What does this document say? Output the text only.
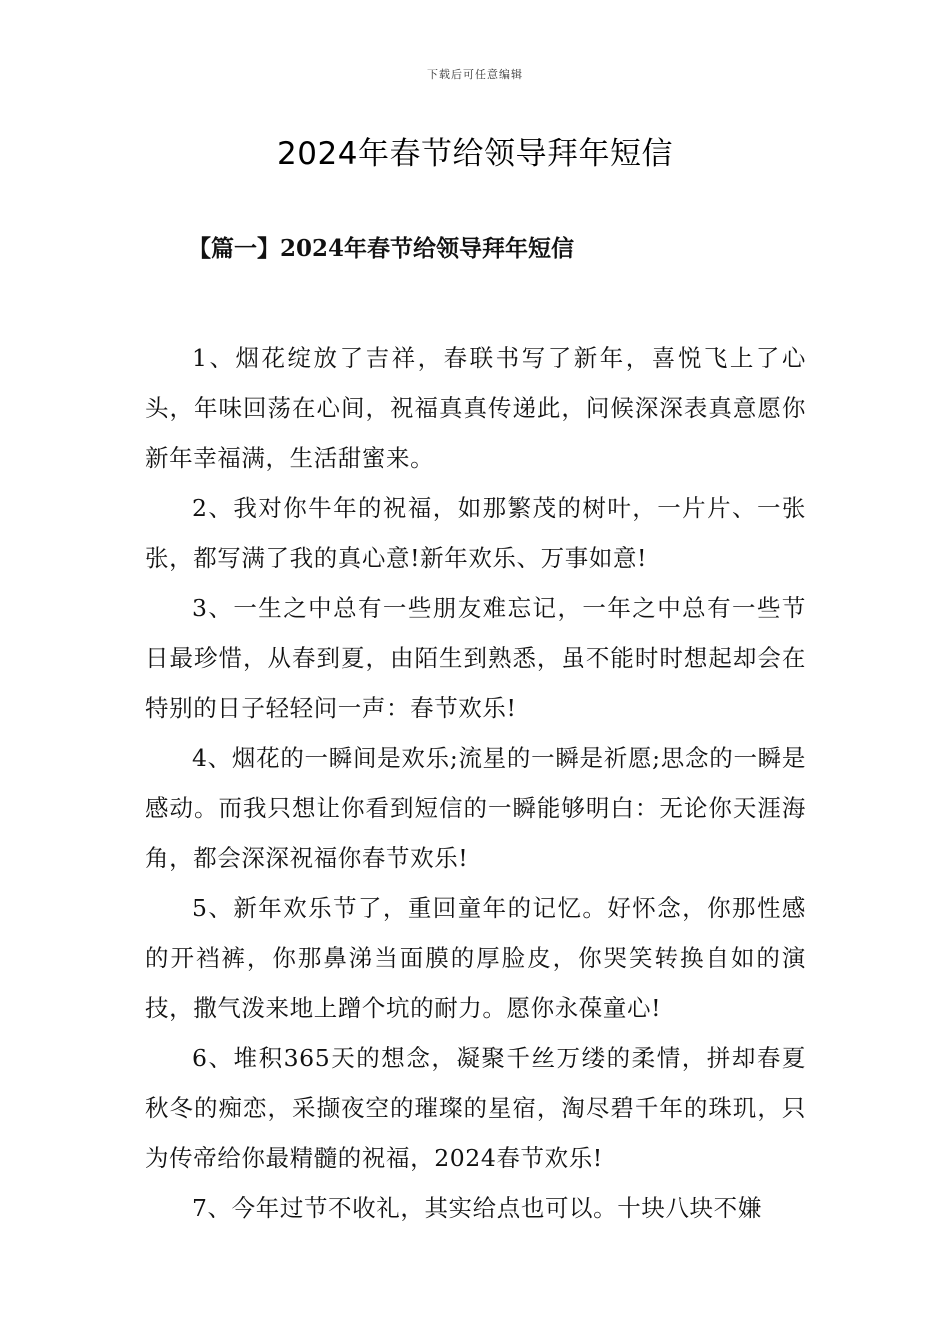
下载后可任意编辑
2024年春节给领导拜年短信
【篇一】2024年春节给领导拜年短信

1、烟花绽放了吉祥，春联书写了新年，喜悦飞上了心头，年味回荡在心间，祝福真真传递此，问候深深表真意愿你新年幸福满，生活甜蜜来。

2、我对你牛年的祝福，如那繁茂的树叶，一片片、一张张，都写满了我的真心意!新年欢乐、万事如意!

3、一生之中总有一些朋友难忘记，一年之中总有一些节日最珍惜，从春到夏，由陌生到熟悉，虽不能时时想起却会在特别的日子轻轻问一声：春节欢乐!

4、烟花的一瞬间是欢乐;流星的一瞬是祈愿;思念的一瞬是感动。而我只想让你看到短信的一瞬能够明白：无论你天涯海角，都会深深祝福你春节欢乐!

5、新年欢乐节了，重回童年的记忆。好怀念，你那性感的开裆裤，你那鼻涕当面膜的厚脸皮，你哭笑转换自如的演技，撒气泼来地上蹭个坑的耐力。愿你永葆童心!

6、堆积365天的想念，凝聚千丝万缕的柔情，拼却春夏秋冬的痴恋，采撷夜空的璀璨的星宿，淘尽碧千年的珠玑，只为传帝给你最精髓的祝福，2024春节欢乐!

7、今年过节不收礼，其实给点也可以。十块八块不嫌
